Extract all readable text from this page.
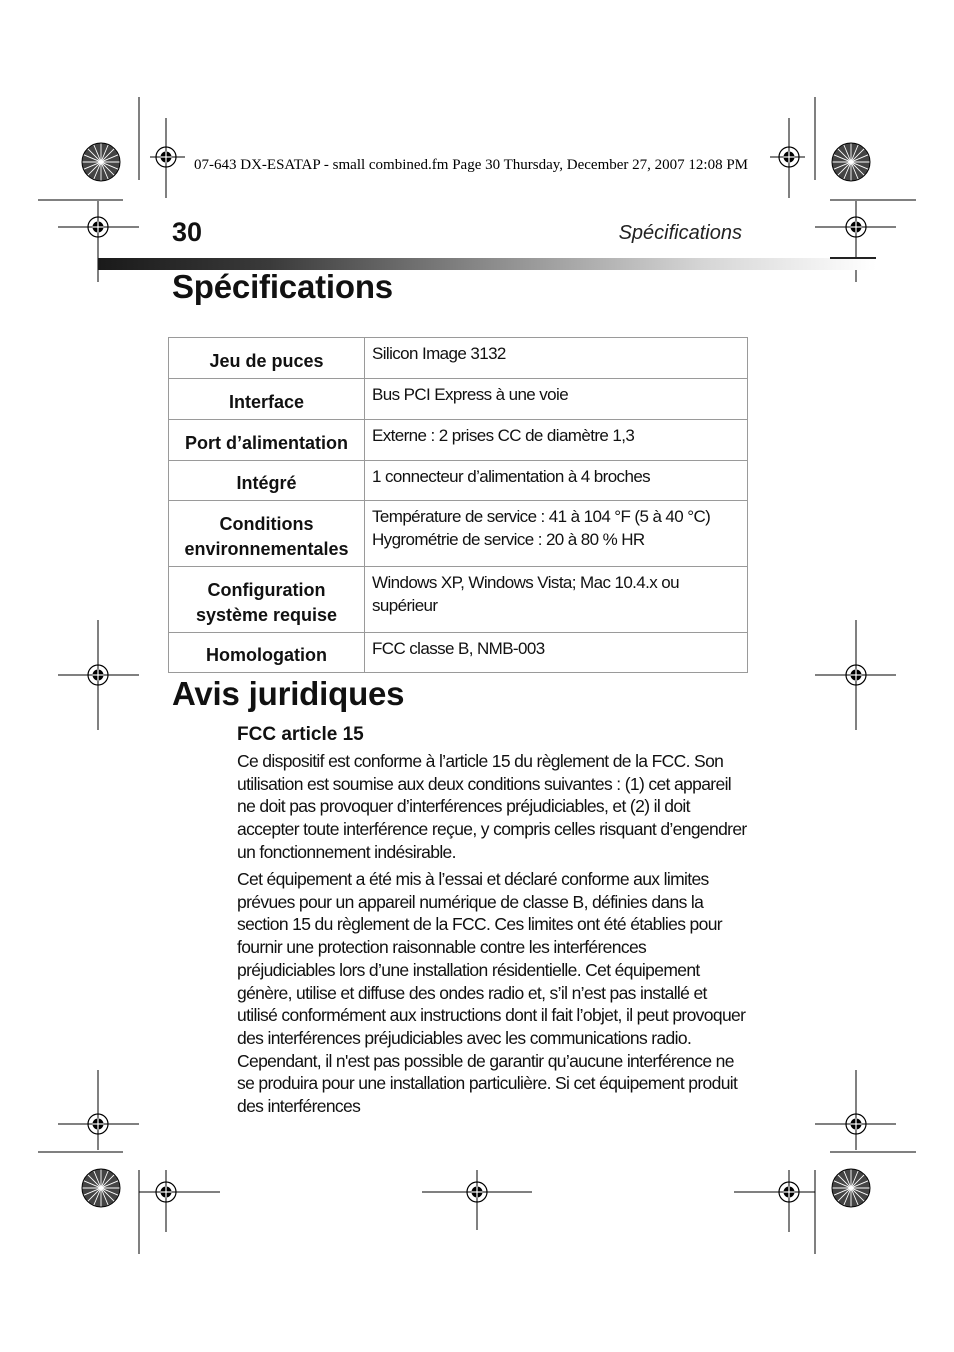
07-643 DX-ESATAP - small combined.fm Page 30 Thursday, December 27, 2007 12:08 PM
30	Spécifications
Spécifications
Jeu de puces	Silicon Image 3132
Interface	Bus PCI Express à une voie
Port d’alimentation	Externe : 2 prises CC de diamètre 1,3
Intégré	1 connecteur d’alimentation à 4 broches
Conditions environnementales	Température de service : 41 à 104 °F (5 à 40 °C)
Hygrométrie de service : 20 à 80 % HR

Configuration système requise	Windows XP, Windows Vista; Mac 10.4.x ou supérieur
Homologation	FCC classe B, NMB-003
Avis juridiques
FCC article 15
Ce dispositif est conforme à l’article 15 du règlement de la FCC. Son utilisation est soumise aux deux conditions suivantes : (1) cet appareil ne doit pas provoquer d’interférences préjudiciables, et (2) il doit accepter toute interférence reçue, y compris celles risquant d’engendrer un fonctionnement indésirable.
Cet équipement a été mis à l’essai et déclaré conforme aux limites prévues pour un appareil numérique de classe B, définies dans la section 15 du règlement de la FCC. Ces limites ont été établies pour fournir une protection raisonnable contre les interférences préjudiciables lors d’une installation résidentielle. Cet équipement génère, utilise et diffuse des ondes radio et, s’il n’est pas installé et utilisé conformément aux instructions dont il fait l’objet, il peut provoquer des interférences préjudiciables avec les communications radio. Cependant, il n'est pas possible de garantir qu’aucune interférence ne se produira pour une installation particulière. Si cet équipement produit des interférences
